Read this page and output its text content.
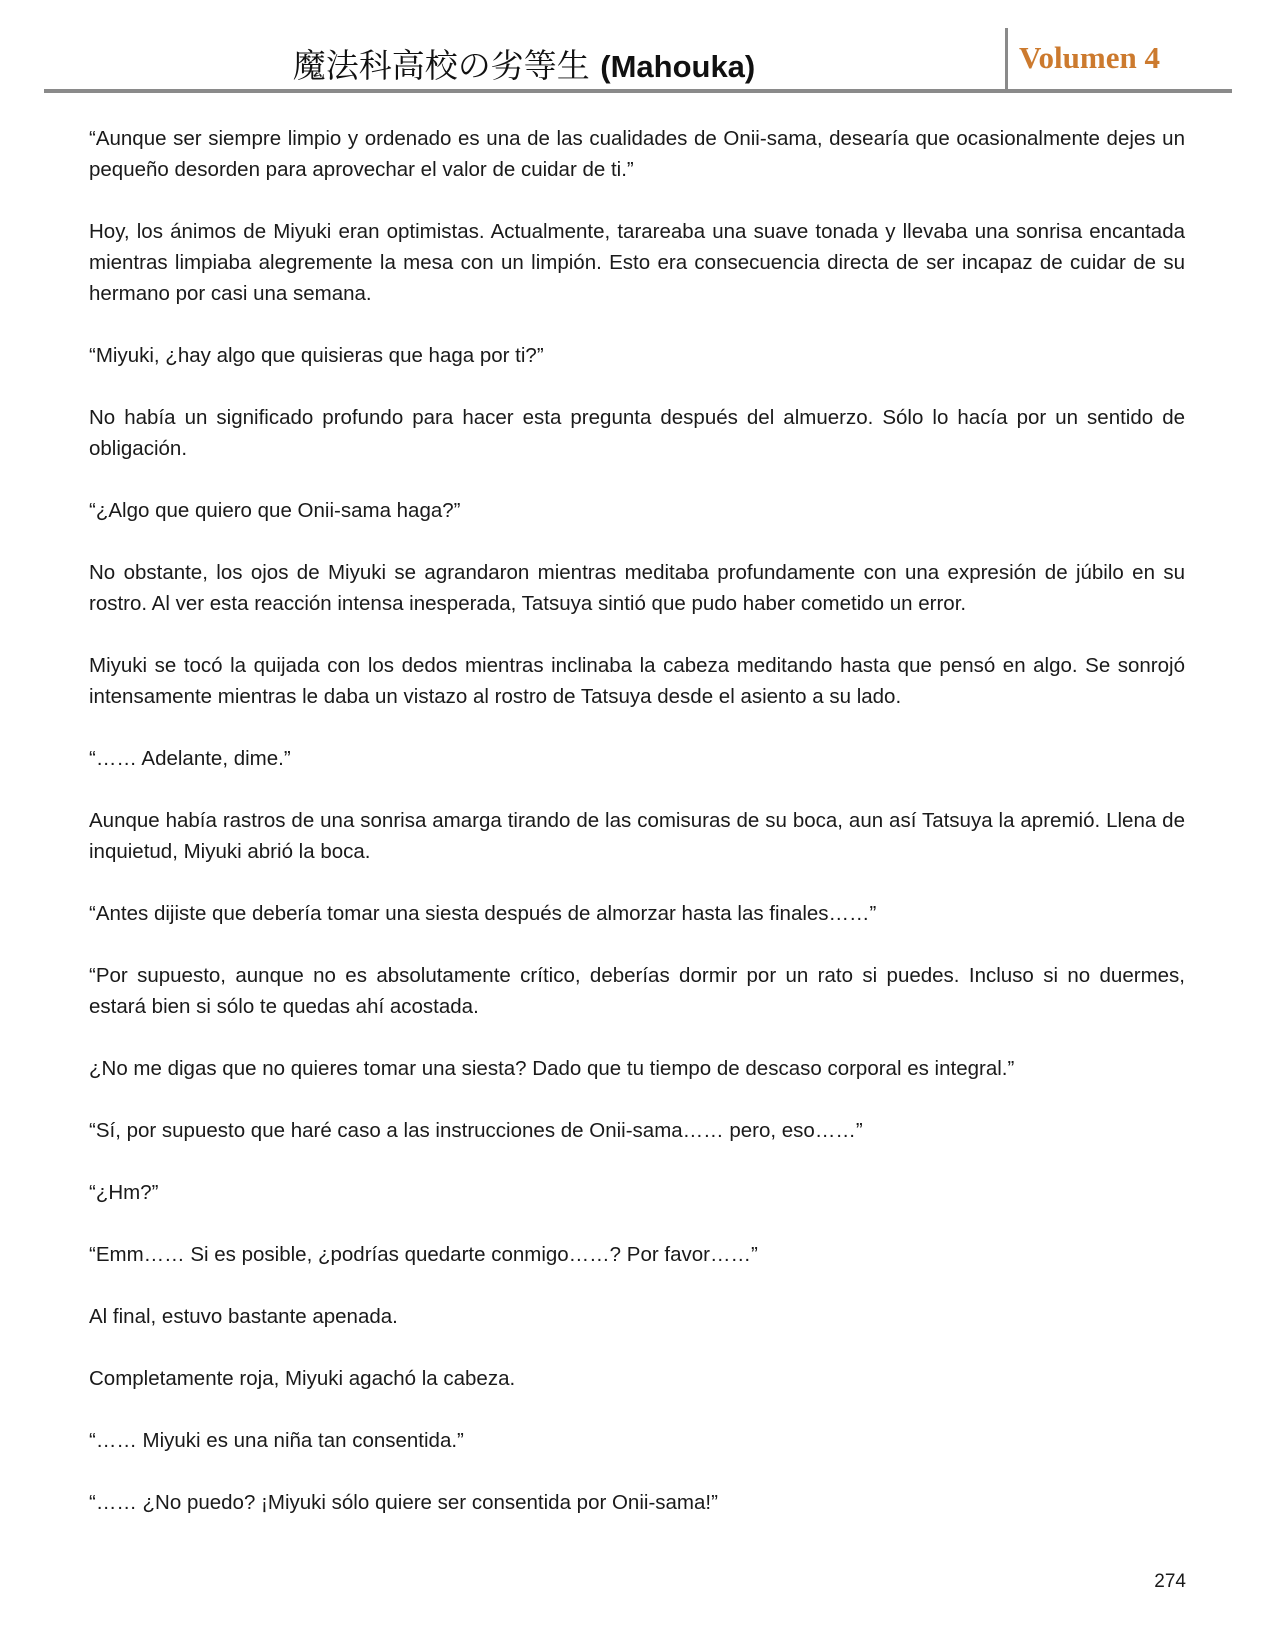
魔法科高校の劣等生 (Mahouka)	Volumen 4

“Aunque ser siempre limpio y ordenado es una de las cualidades de Onii-sama, desearía que ocasionalmente dejes un pequeño desorden para aprovechar el valor de cuidar de ti.”

Hoy, los ánimos de Miyuki eran optimistas. Actualmente, tarareaba una suave tonada y llevaba una sonrisa encantada mientras limpiaba alegremente la mesa con un limpión. Esto era consecuencia directa de ser incapaz de cuidar de su hermano por casi una semana.

“Miyuki, ¿hay algo que quisieras que haga por ti?”

No había un significado profundo para hacer esta pregunta después del almuerzo. Sólo lo hacía por un sentido de obligación.

“¿Algo que quiero que Onii-sama haga?”

No obstante, los ojos de Miyuki se agrandaron mientras meditaba profundamente con una expresión de júbilo en su rostro. Al ver esta reacción intensa inesperada, Tatsuya sintió que pudo haber cometido un error.

Miyuki se tocó la quijada con los dedos mientras inclinaba la cabeza meditando hasta que pensó en algo. Se sonrojó intensamente mientras le daba un vistazo al rostro de Tatsuya desde el asiento a su lado.

“…… Adelante, dime.”

Aunque había rastros de una sonrisa amarga tirando de las comisuras de su boca, aun así Tatsuya la apremió. Llena de inquietud, Miyuki abrió la boca.

“Antes dijiste que debería tomar una siesta después de almorzar hasta las finales……”

“Por supuesto, aunque no es absolutamente crítico, deberías dormir por un rato si puedes. Incluso si no duermes, estará bien si sólo te quedas ahí acostada.

¿No me digas que no quieres tomar una siesta? Dado que tu tiempo de descaso corporal es integral.”

“Sí, por supuesto que haré caso a las instrucciones de Onii-sama…… pero, eso……”

“¿Hm?”

“Emm…… Si es posible, ¿podrías quedarte conmigo……? Por favor……”

Al final, estuvo bastante apenada.

Completamente roja, Miyuki agachó la cabeza.

“…… Miyuki es una niña tan consentida.”

“…… ¿No puedo? ¡Miyuki sólo quiere ser consentida por Onii-sama!”

274
